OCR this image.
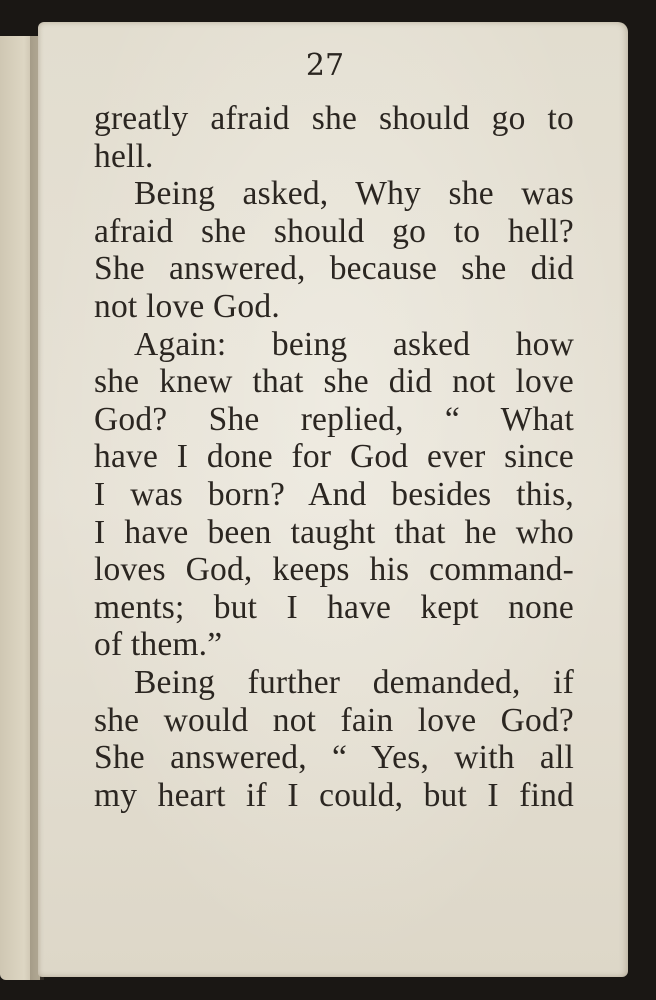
27
greatly afraid she should go to
hell.
Being asked, Why she was
afraid she should go to hell?
She answered, because she did
not love God.
Again: being asked how
she knew that she did not love
God? She replied, “ What
have I done for God ever since
I was born? And besides this,
I have been taught that he who
loves God, keeps his command-
ments; but I have kept none
of them.”
Being further demanded, if
she would not fain love God?
She answered, “ Yes, with all
my heart if I could, but I find
